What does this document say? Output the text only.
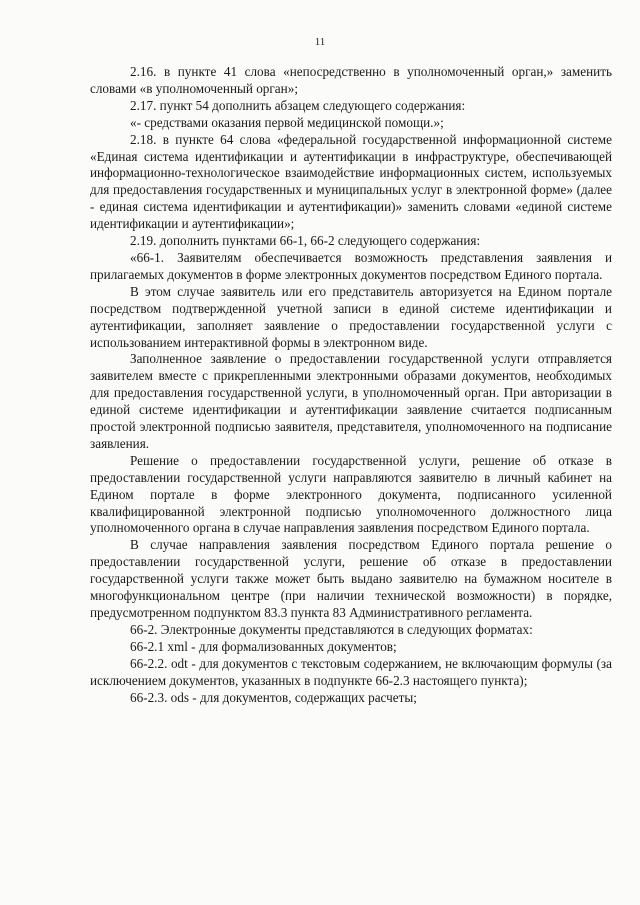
11

2.16. в пункте 41 слова «непосредственно в уполномоченный орган,» заменить словами «в уполномоченный орган»;

2.17. пункт 54 дополнить абзацем следующего содержания:

«- средствами оказания первой медицинской помощи.»;

2.18. в пункте 64 слова «федеральной государственной информационной системе «Единая система идентификации и аутентификации в инфраструктуре, обеспечивающей информационно-технологическое взаимодействие информационных систем, используемых для предоставления государственных и муниципальных услуг в электронной форме» (далее - единая система идентификации и аутентификации)» заменить словами «единой системе идентификации и аутентификации»;

2.19. дополнить пунктами 66-1, 66-2 следующего содержания:

«66-1. Заявителям обеспечивается возможность представления заявления и прилагаемых документов в форме электронных документов посредством Единого портала.

В этом случае заявитель или его представитель авторизуется на Едином портале посредством подтвержденной учетной записи в единой системе идентификации и аутентификации, заполняет заявление о предоставлении государственной услуги с использованием интерактивной формы в электронном виде.

Заполненное заявление о предоставлении государственной услуги отправляется заявителем вместе с прикрепленными электронными образами документов, необходимых для предоставления государственной услуги, в уполномоченный орган. При авторизации в единой системе идентификации и аутентификации заявление считается подписанным простой электронной подписью заявителя, представителя, уполномоченного на подписание заявления.

Решение о предоставлении государственной услуги, решение об отказе в предоставлении государственной услуги направляются заявителю в личный кабинет на Едином портале в форме электронного документа, подписанного усиленной квалифицированной электронной подписью уполномоченного должностного лица уполномоченного органа в случае направления заявления посредством Единого портала.

В случае направления заявления посредством Единого портала решение о предоставлении государственной услуги, решение об отказе в предоставлении государственной услуги также может быть выдано заявителю на бумажном носителе в многофункциональном центре (при наличии технической возможности) в порядке, предусмотренном подпунктом 83.3 пункта 83 Административного регламента.

66-2. Электронные документы представляются в следующих форматах:

66-2.1 xml - для формализованных документов;

66-2.2. odt - для документов с текстовым содержанием, не включающим формулы (за исключением документов, указанных в подпункте 66-2.3 настоящего пункта);

66-2.3. ods - для документов, содержащих расчеты;
